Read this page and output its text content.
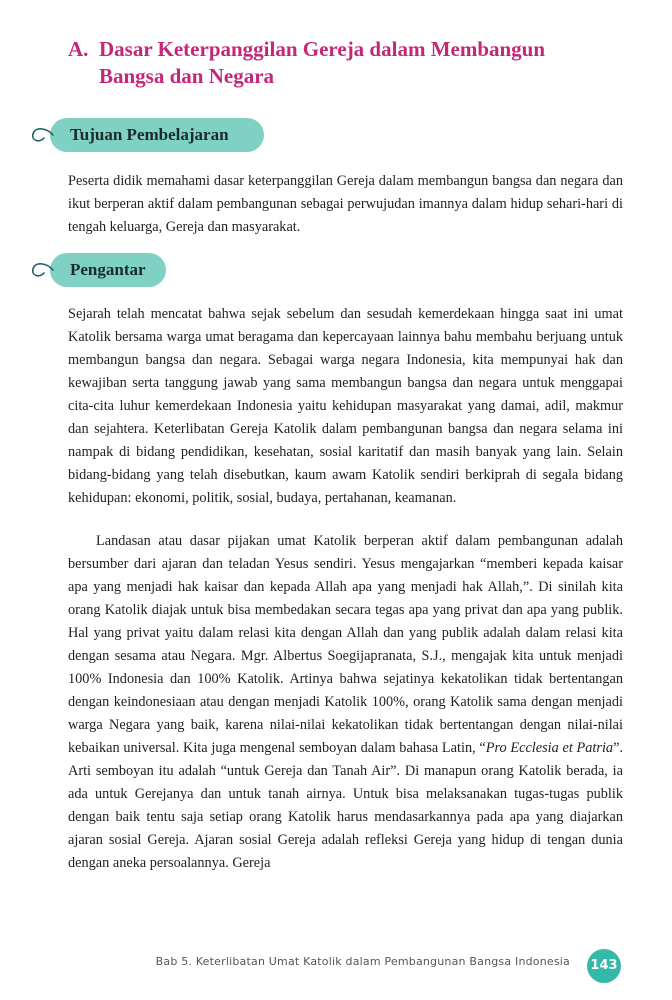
A. Dasar Keterpanggilan Gereja dalam Membangun Bangsa dan Negara
Tujuan Pembelajaran

Peserta didik memahami dasar keterpanggilan Gereja dalam membangun bangsa dan negara dan ikut berperan aktif dalam pembangunan sebagai perwujudan imannya dalam hidup sehari-hari di tengah keluarga, Gereja dan masyarakat.

Pengantar

Sejarah telah mencatat bahwa sejak sebelum dan sesudah kemerdekaan hingga saat ini umat Katolik bersama warga umat beragama dan kepercayaan lainnya bahu membahu berjuang untuk membangun bangsa dan negara. Sebagai warga negara Indonesia, kita mempunyai hak dan kewajiban serta tanggung jawab yang sama membangun bangsa dan negara untuk menggapai cita-cita luhur kemerdekaan Indonesia yaitu kehidupan masyarakat yang damai, adil, makmur dan sejahtera. Keterlibatan Gereja Katolik dalam pembangunan bangsa dan negara selama ini nampak di bidang pendidikan, kesehatan, sosial karitatif dan masih banyak yang lain. Selain bidang-bidang yang telah disebutkan, kaum awam Katolik sendiri berkiprah di segala bidang kehidupan: ekonomi, politik, sosial, budaya, pertahanan, keamanan.

Landasan atau dasar pijakan umat Katolik berperan aktif dalam pembangunan adalah bersumber dari ajaran dan teladan Yesus sendiri. Yesus mengajarkan “memberi kepada kaisar apa yang menjadi hak kaisar dan kepada Allah apa yang menjadi hak Allah,”. Di sinilah kita orang Katolik diajak untuk bisa membedakan secara tegas apa yang privat dan apa yang publik. Hal yang privat yaitu dalam relasi kita dengan Allah dan yang publik adalah dalam relasi kita dengan sesama atau Negara. Mgr. Albertus Soegijapranata, S.J., mengajak kita untuk menjadi 100% Indonesia dan 100% Katolik. Artinya bahwa sejatinya kekatolikan tidak bertentangan dengan keindonesiaan atau dengan menjadi Katolik 100%, orang Katolik sama dengan menjadi warga Negara yang baik, karena nilai-nilai kekatolikan tidak bertentangan dengan nilai-nilai kebaikan universal. Kita juga mengenal semboyan dalam bahasa Latin, “Pro Ecclesia et Patria”. Arti semboyan itu adalah “untuk Gereja dan Tanah Air”. Di manapun orang Katolik berada, ia ada untuk Gerejanya dan untuk tanah airnya. Untuk bisa melaksanakan tugas-tugas publik dengan baik tentu saja setiap orang Katolik harus mendasarkannya pada apa yang diajarkan ajaran sosial Gereja. Ajaran sosial Gereja adalah refleksi Gereja yang hidup di tengan dunia dengan aneka persoalannya. Gereja

Bab 5. Keterlibatan Umat Katolik dalam Pembangunan Bangsa Indonesia 143
